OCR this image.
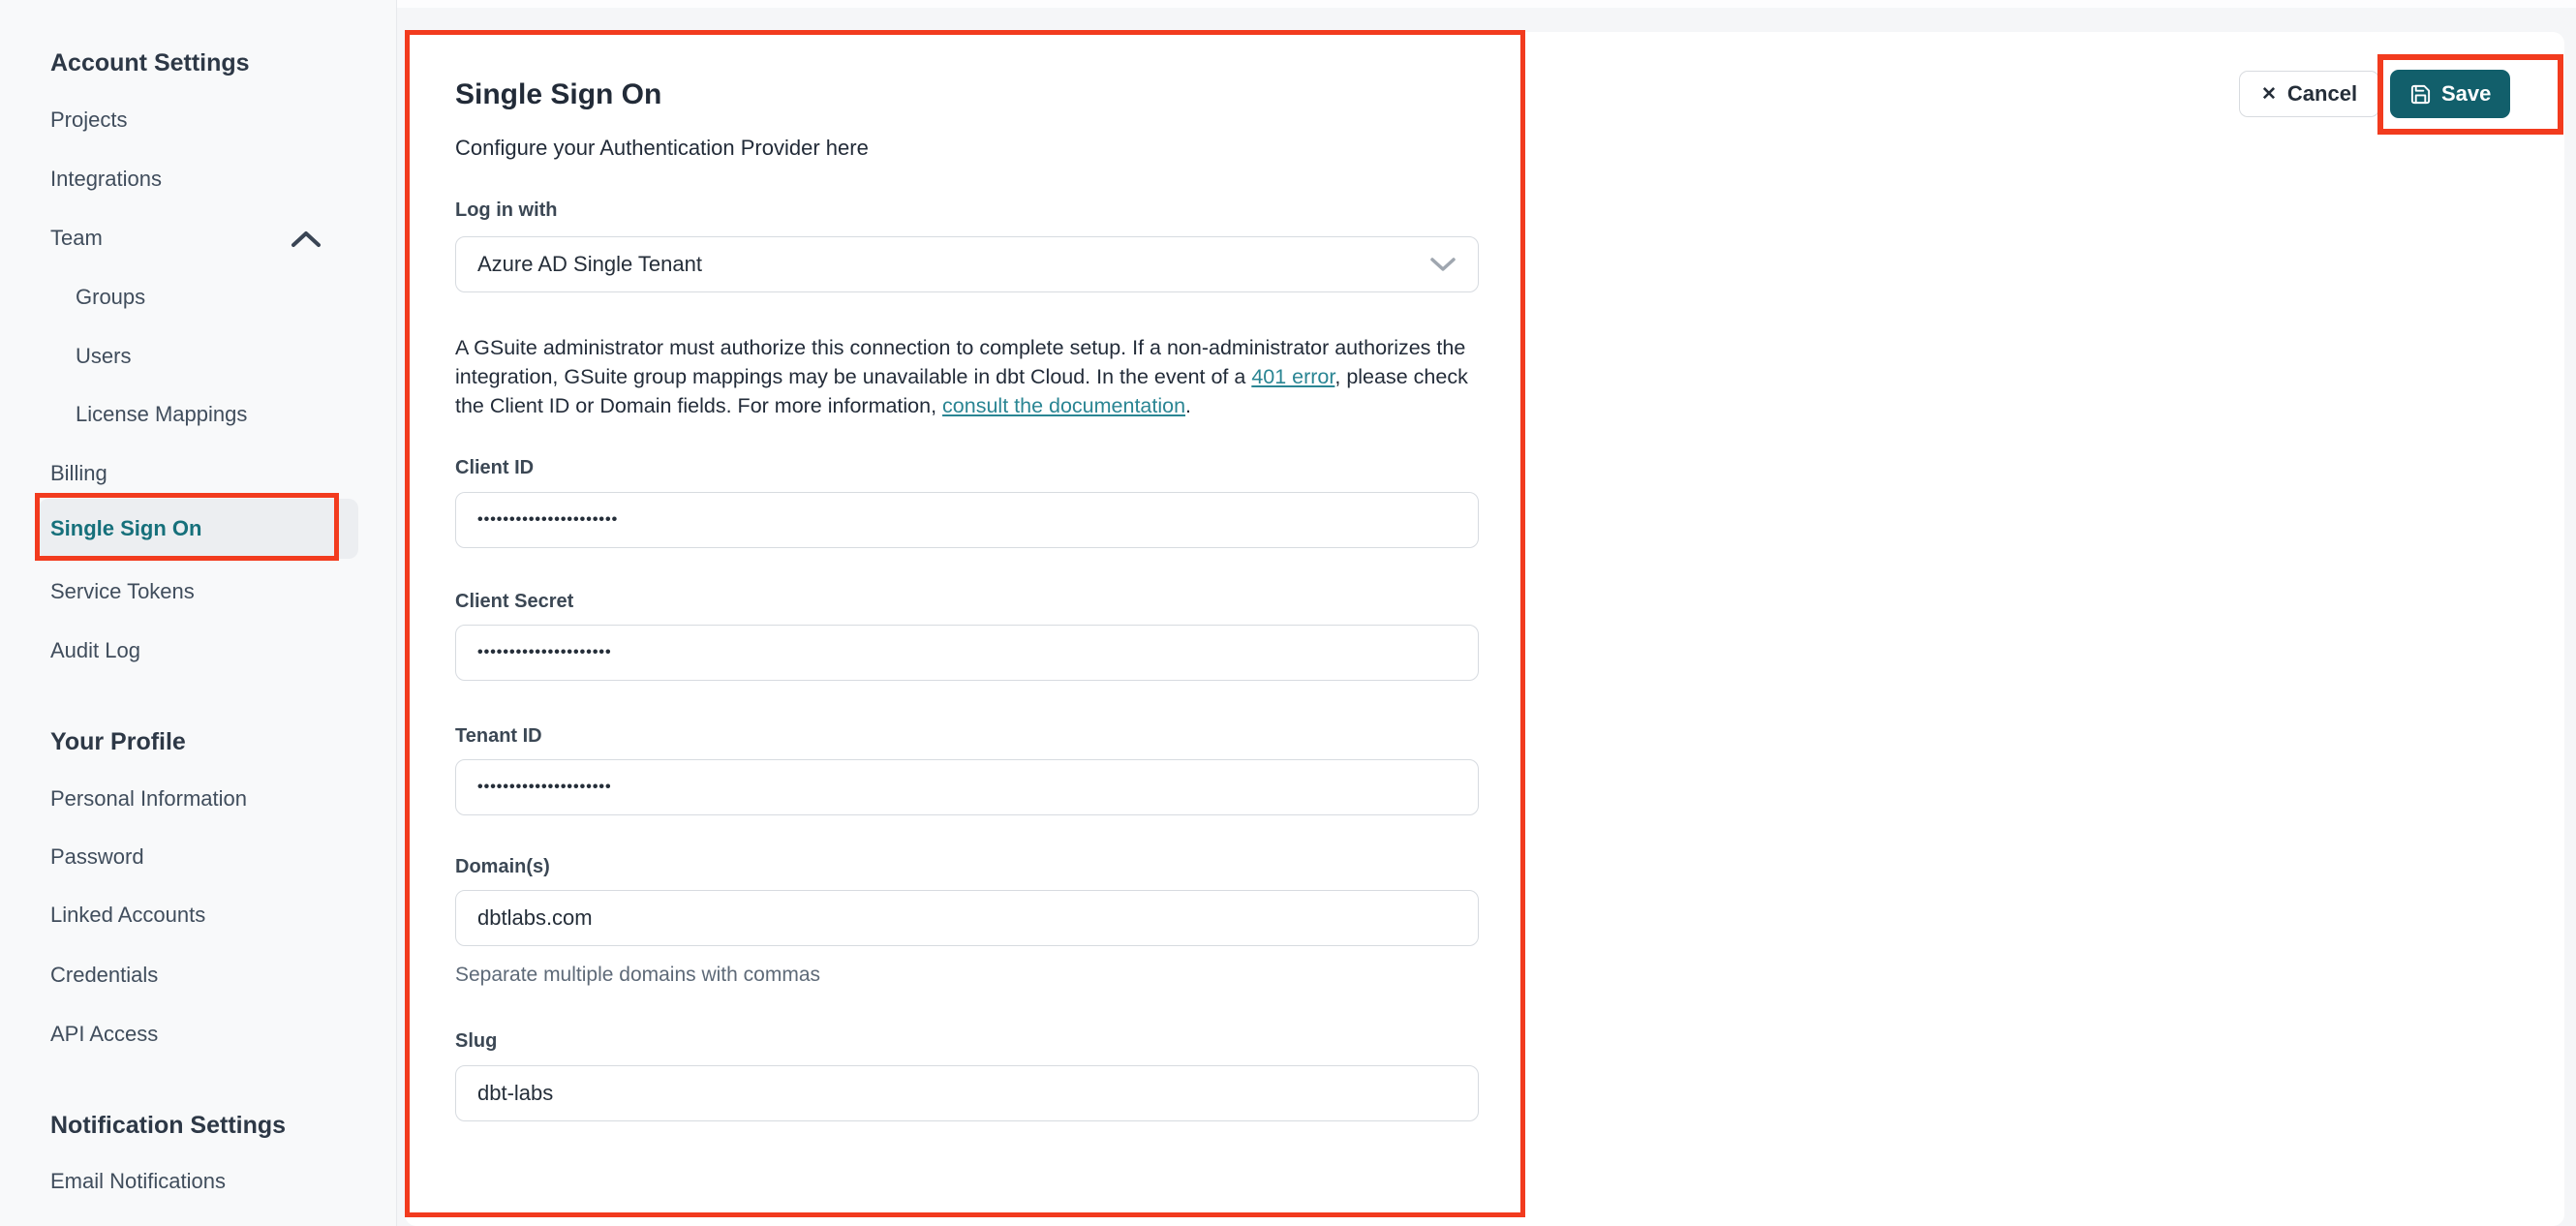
Account Settings
Projects
Integrations
Team
Groups
Users
License Mappings
Billing
Single Sign On
Service Tokens
Audit Log
Your Profile
Personal Information
Password
Linked Accounts
Credentials
API Access
Notification Settings
Email Notifications
Single Sign On
Configure your Authentication Provider here
Log in with
Azure AD Single Tenant

A GSuite administrator must authorize this connection to complete setup. If a non-administrator authorizes the integration, GSuite group mappings may be unavailable in dbt Cloud. In the event of a 401 error, please check the Client ID or Domain fields. For more information, consult the documentation.

Client ID
••••••••••••••••••••••
Client Secret
•••••••••••••••••••••
Tenant ID
•••••••••••••••••••••
Domain(s)
dbtlabs.com
Separate multiple domains with commas
Slug
dbt-labs
✕ Cancel	Save
